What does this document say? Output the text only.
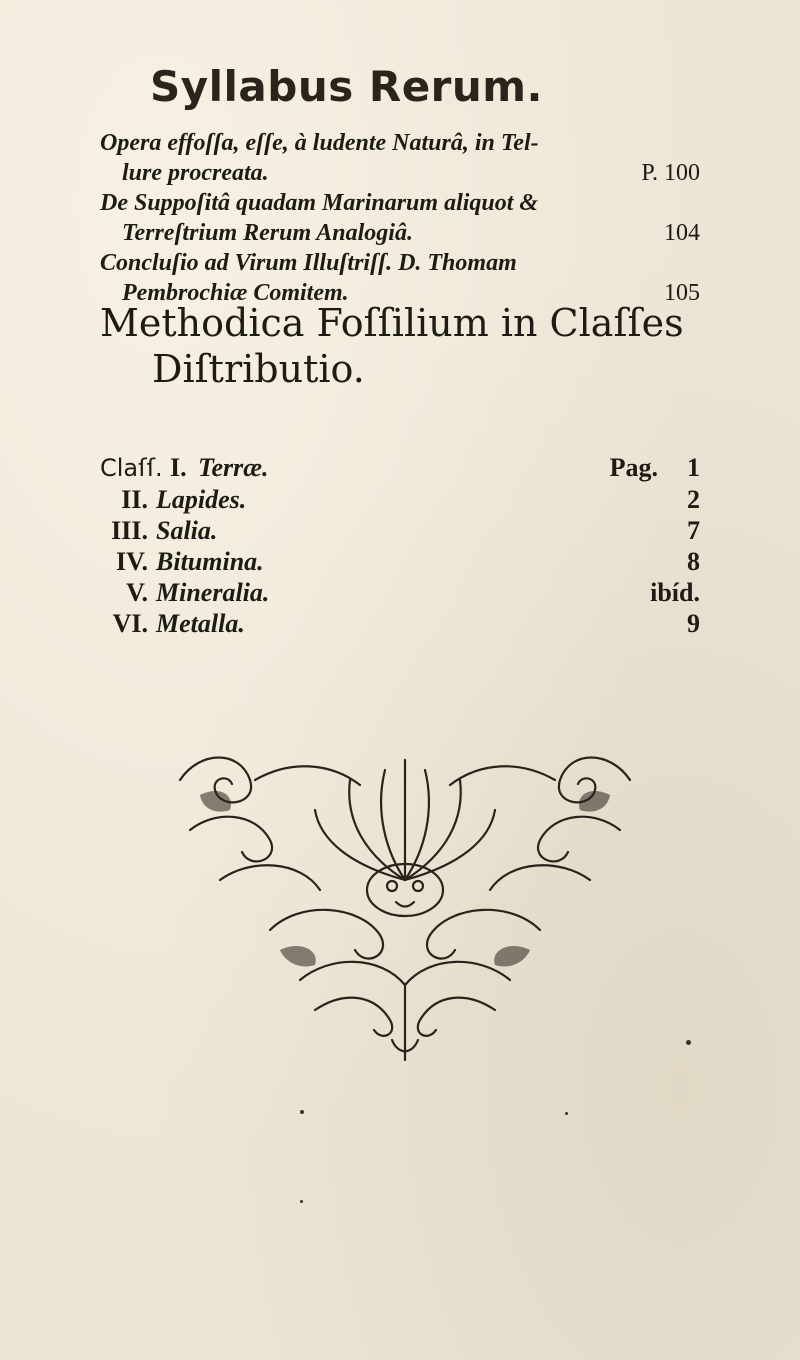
Syllabus Rerum.
Opera effoſſa, eſſe, à ludente Naturâ, in Tel-
lure procreata.	P. 100
De Suppoſitâ quadam Marinarum aliquot &
Terreſtrium Rerum Analogiâ.	104
Concluſio ad Virum Illuſtriſſ. D. Thomam
Pembrochiæ Comitem.	105
Methodica Foſſilium in Claſſes
Diſtributio.
Claſſ. I. Terræ.	Pag.	1
II. Lapides.	2
III. Salia.	7
IV. Bitumina.	8
V. Mineralia.	ibíd.
VI. Metalla.	9
